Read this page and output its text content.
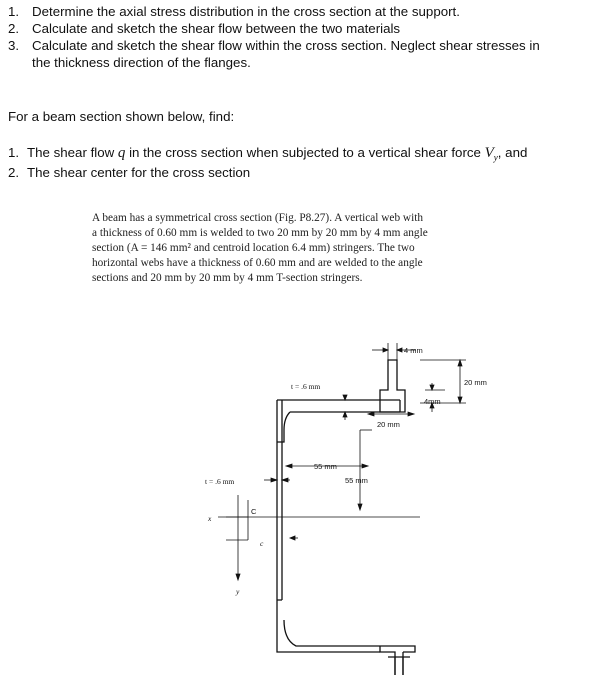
1. Determine the axial stress distribution in the cross section at the support.
2. Calculate and sketch the shear flow between the two materials
3. Calculate and sketch the shear flow within the cross section. Neglect shear stresses in
the thickness direction of the flanges.
For a beam section shown below, find:
1. The shear flow q in the cross section when subjected to a vertical shear force $V_y$, and
2. The shear center for the cross section
A beam has a symmetrical cross section (Fig. P8.27). A vertical web with
a thickness of 0.60 mm is welded to two 20 mm by 20 mm by 4 mm angle
section (A = 146 mm² and centroid location 6.4 mm) stringers. The two
horizontal webs have a thickness of 0.60 mm and are welded to the angle
sections and 20 mm by 20 mm by 4 mm T-section stringers.
t = .6 mm
t = .6 mm
4 mm
4mm
20 mm
20 mm
55 mm
55 mm
C
c
x
y
